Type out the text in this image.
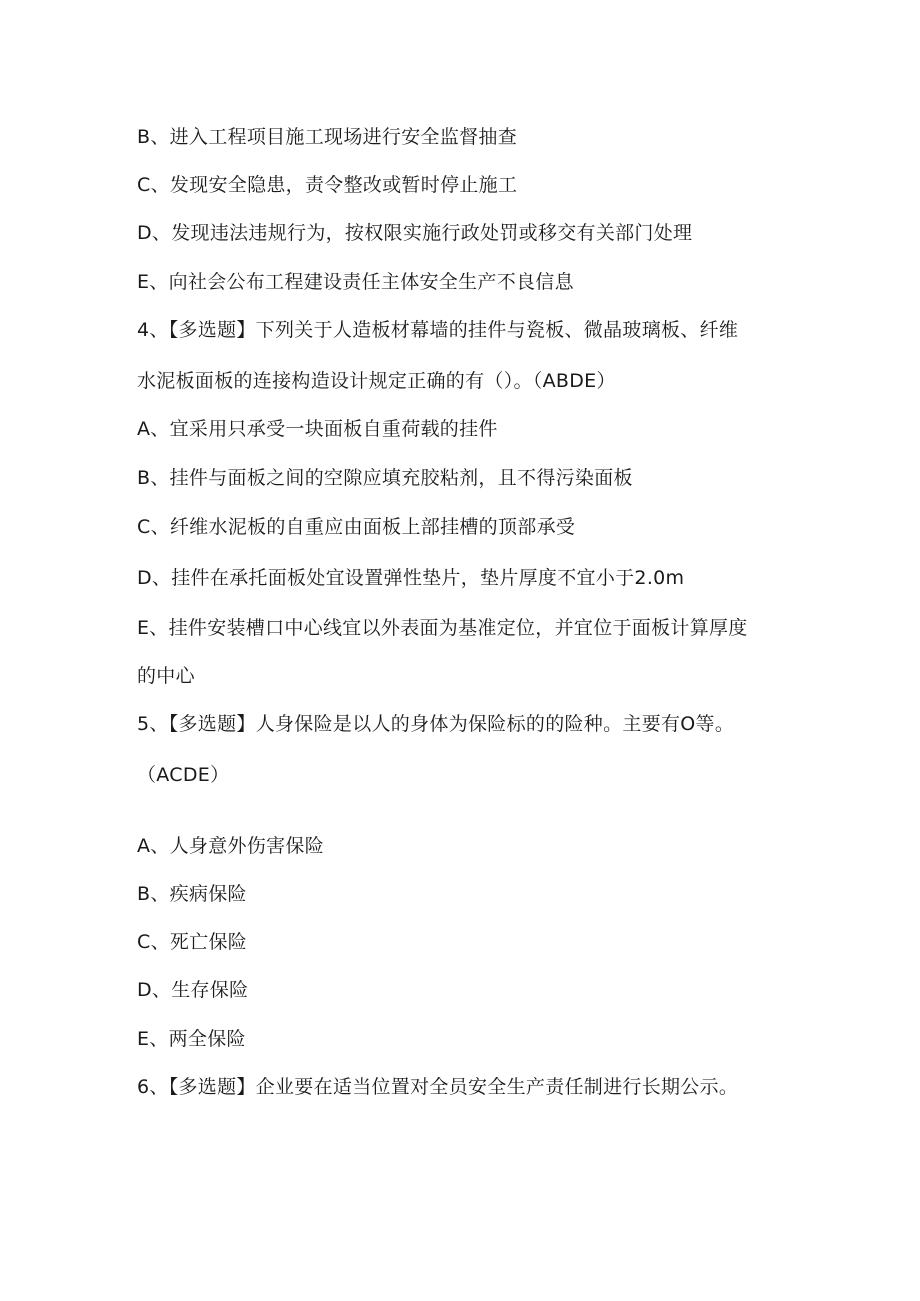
B、进入工程项目施工现场进行安全监督抽查
C、发现安全隐患，责令整改或暂时停止施工
D、发现违法违规行为，按权限实施行政处罚或移交有关部门处理
E、向社会公布工程建设责任主体安全生产不良信息
4、【多选题】下列关于人造板材幕墙的挂件与瓷板、微晶玻璃板、纤维
水泥板面板的连接构造设计规定正确的有（）。（ABDE）
A、宜采用只承受一块面板自重荷载的挂件
B、挂件与面板之间的空隙应填充胶粘剂，且不得污染面板
C、纤维水泥板的自重应由面板上部挂槽的顶部承受
D、挂件在承托面板处宜设置弹性垫片，垫片厚度不宜小于2.0m
E、挂件安装槽口中心线宜以外表面为基准定位，并宜位于面板计算厚度
的中心
5、【多选题】人身保险是以人的身体为保险标的的险种。主要有O等。
（ACDE）
A、人身意外伤害保险
B、疾病保险
C、死亡保险
D、生存保险
E、两全保险
6、【多选题】企业要在适当位置对全员安全生产责任制进行长期公示。
